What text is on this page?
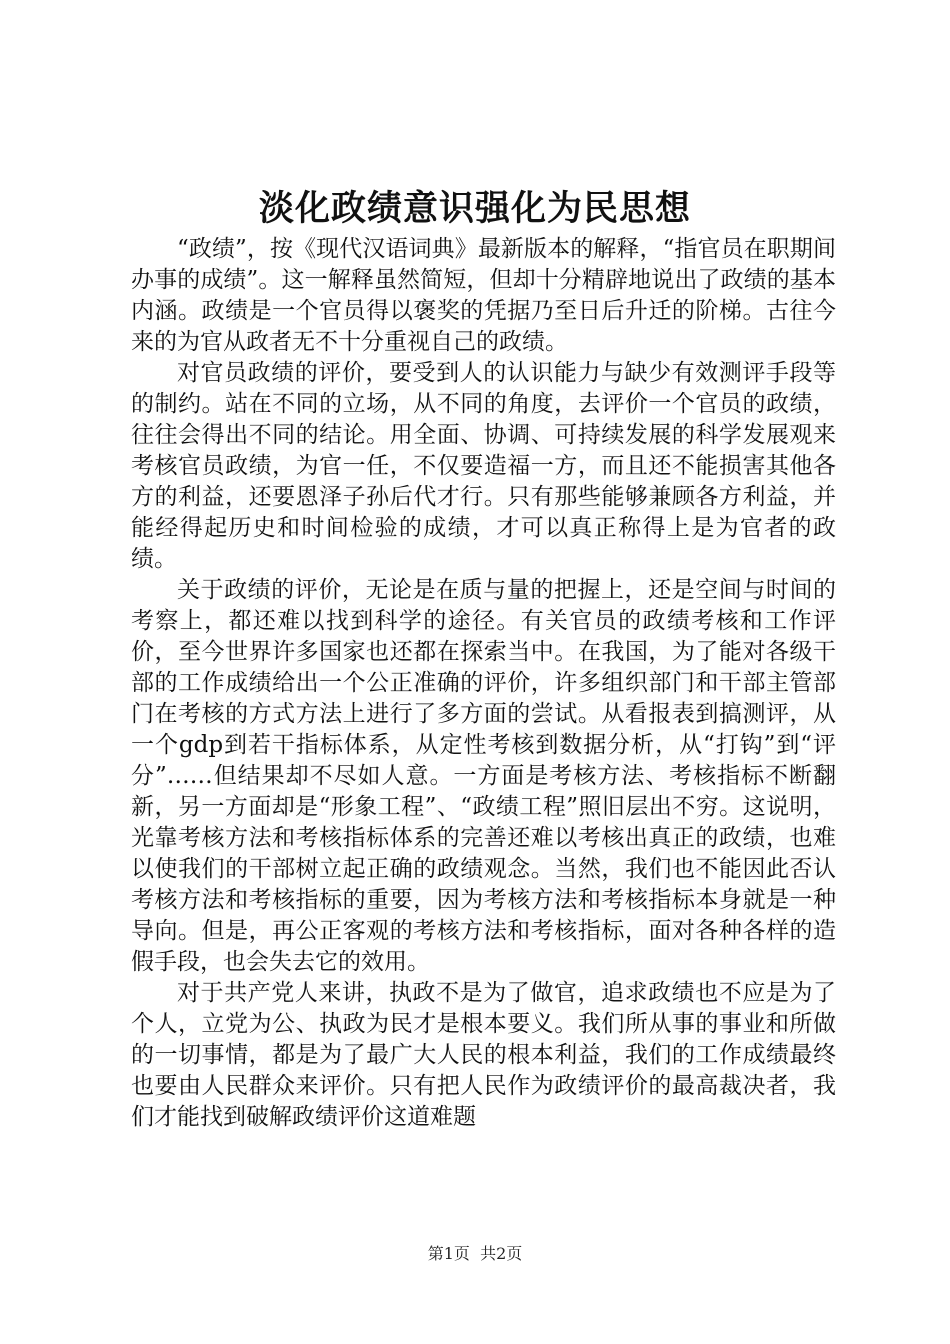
淡化政绩意识强化为民思想

“政绩”，按《现代汉语词典》最新版本的解释，“指官员在职期间办事的成绩”。这一解释虽然简短，但却十分精辟地说出了政绩的基本内涵。政绩是一个官员得以褒奖的凭据乃至日后升迁的阶梯。古往今来的为官从政者无不十分重视自己的政绩。

对官员政绩的评价，要受到人的认识能力与缺少有效测评手段等的制约。站在不同的立场，从不同的角度，去评价一个官员的政绩，往往会得出不同的结论。用全面、协调、可持续发展的科学发展观来考核官员政绩，为官一任，不仅要造福一方，而且还不能损害其他各方的利益，还要恩泽子孙后代才行。只有那些能够兼顾各方利益，并能经得起历史和时间检验的成绩，才可以真正称得上是为官者的政绩。

关于政绩的评价，无论是在质与量的把握上，还是空间与时间的考察上，都还难以找到科学的途径。有关官员的政绩考核和工作评价，至今世界许多国家也还都在探索当中。在我国，为了能对各级干部的工作成绩给出一个公正准确的评价，许多组织部门和干部主管部门在考核的方式方法上进行了多方面的尝试。从看报表到搞测评，从一个gdp到若干指标体系，从定性考核到数据分析，从“打钩”到“评分”……但结果却不尽如人意。一方面是考核方法、考核指标不断翻新，另一方面却是“形象工程”、“政绩工程”照旧层出不穷。这说明，光靠考核方法和考核指标体系的完善还难以考核出真正的政绩，也难以使我们的干部树立起正确的政绩观念。当然，我们也不能因此否认考核方法和考核指标的重要，因为考核方法和考核指标本身就是一种导向。但是，再公正客观的考核方法和考核指标，面对各种各样的造假手段，也会失去它的效用。

对于共产党人来讲，执政不是为了做官，追求政绩也不应是为了个人，立党为公、执政为民才是根本要义。我们所从事的事业和所做的一切事情，都是为了最广大人民的根本利益，我们的工作成绩最终也要由人民群众来评价。只有把人民作为政绩评价的最高裁决者，我们才能找到破解政绩评价这道难题

第1页  共2页
